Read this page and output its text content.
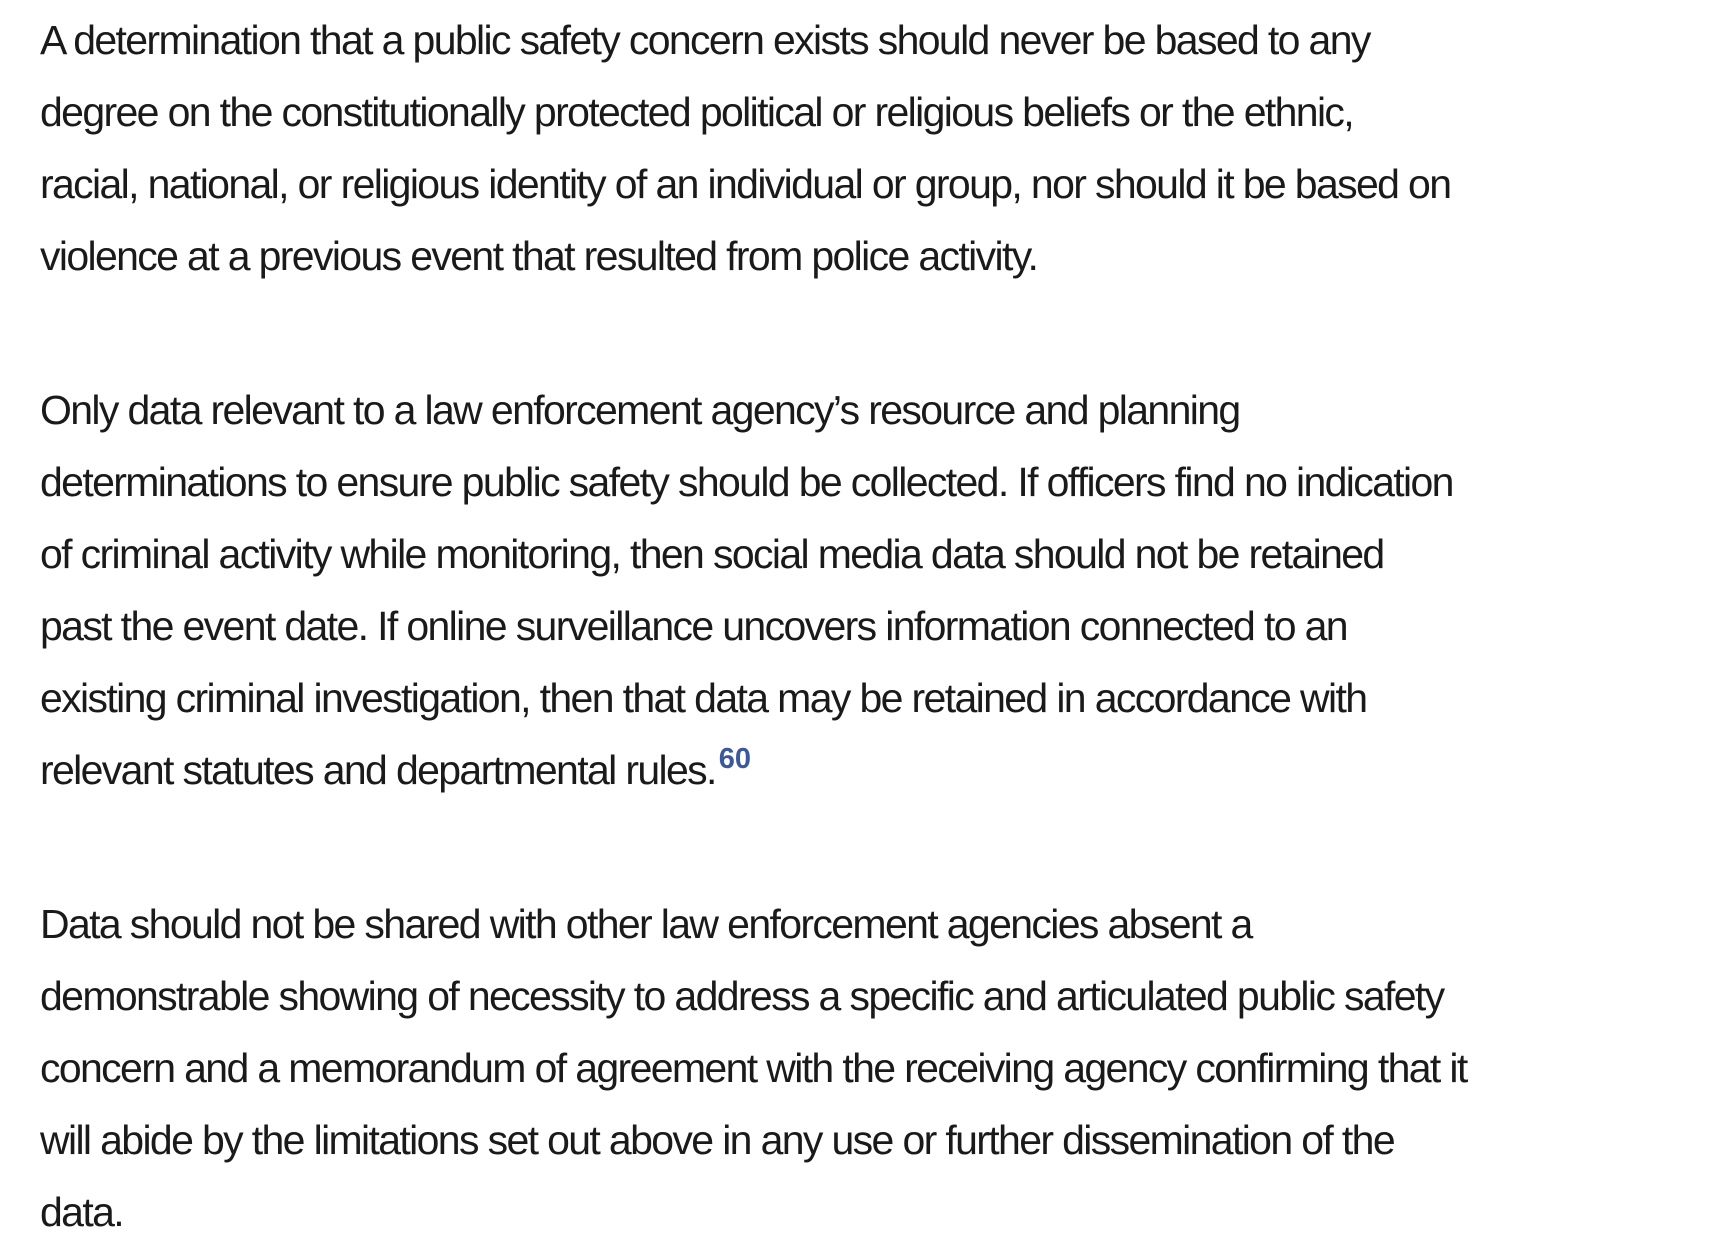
A determination that a public safety concern exists should never be based to any
degree on the constitutionally protected political or religious beliefs or the ethnic,
racial, national, or religious identity of an individual or group, nor should it be based on
violence at a previous event that resulted from police activity.

Only data relevant to a law enforcement agency’s resource and planning
determinations to ensure public safety should be collected. If officers find no indication
of criminal activity while monitoring, then social media data should not be retained
past the event date. If online surveillance uncovers information connected to an
existing criminal investigation, then that data may be retained in accordance with
relevant statutes and departmental rules. $^{60}$

Data should not be shared with other law enforcement agencies absent a
demonstrable showing of necessity to address a specific and articulated public safety
concern and a memorandum of agreement with the receiving agency confirming that it
will abide by the limitations set out above in any use or further dissemination of the
data.
